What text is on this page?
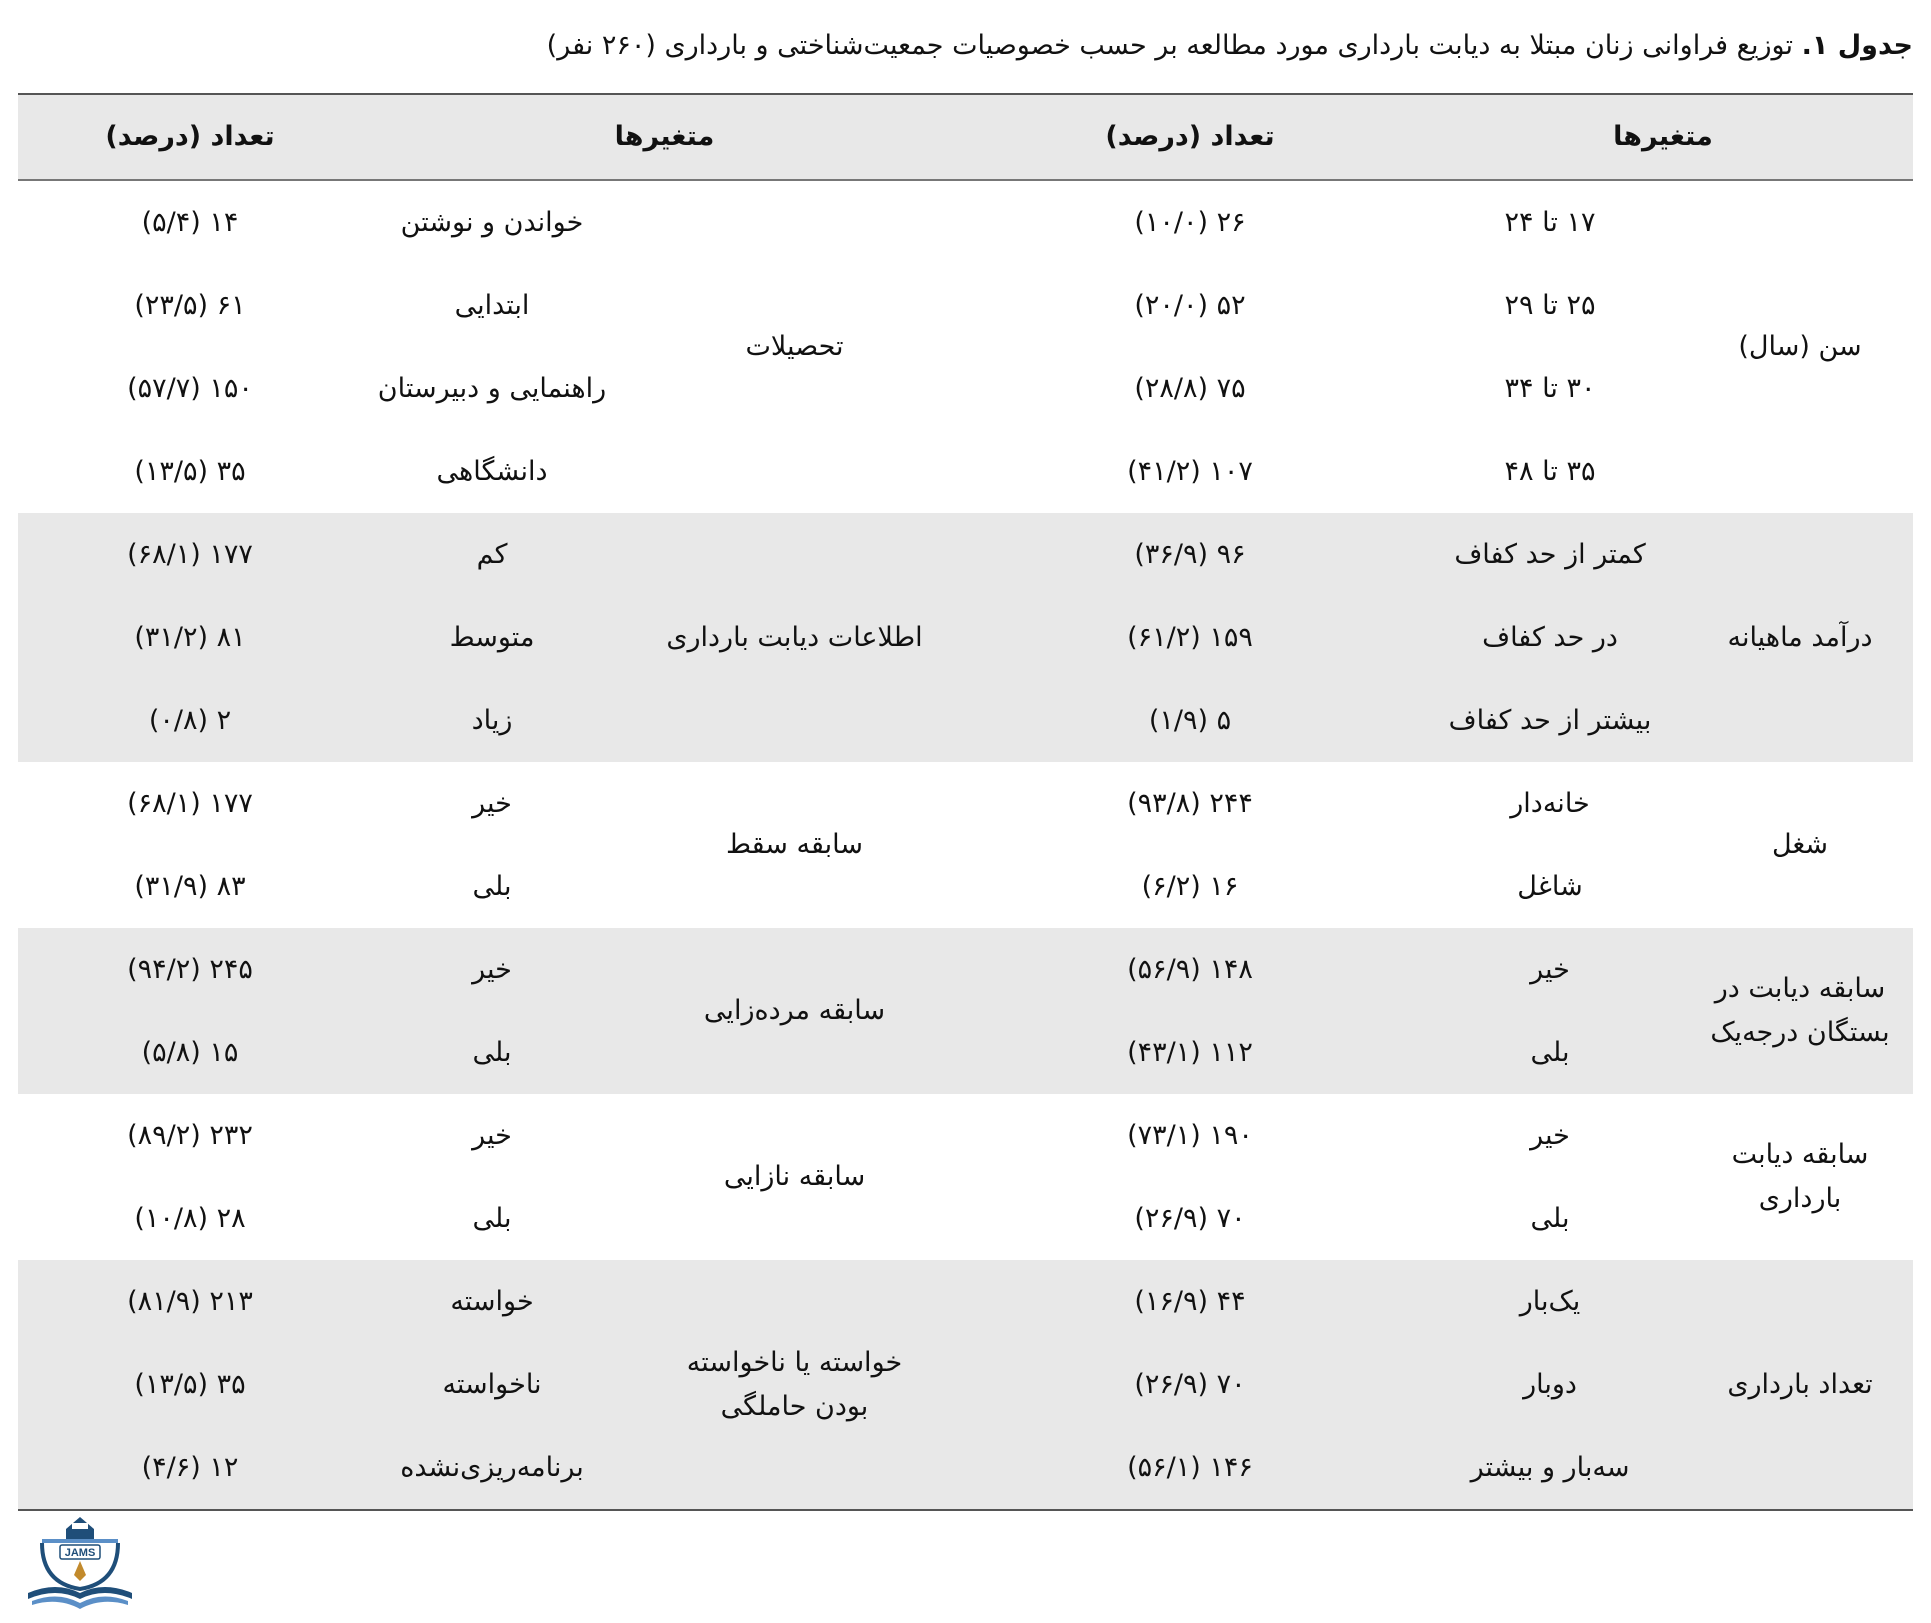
جدول ۱. توزیع فراوانی زنان مبتلا به دیابت بارداری مورد مطالعه بر حسب خصوصیات جمعیت‌شناختی و بارداری (۲۶۰ نفر)
متغیرها
تعداد (درصد)
متغیرها
تعداد (درصد)
سن (سال)
تحصیلات
۱۷ تا ۲۴
۲۶ (۱۰/۰)
۲۵ تا ۲۹
۵۲ (۲۰/۰)
۳۰ تا ۳۴
۷۵ (۲۸/۸)
۳۵ تا ۴۸
۱۰۷ (۴۱/۲)
خواندن و نوشتن
۱۴ (۵/۴)
ابتدایی
۶۱ (۲۳/۵)
راهنمایی و دبیرستان
۱۵۰ (۵۷/۷)
دانشگاهی
۳۵ (۱۳/۵)
درآمد ماهیانه
اطلاعات دیابت بارداری
کمتر از حد کفاف
۹۶ (۳۶/۹)
در حد کفاف
۱۵۹ (۶۱/۲)
بیشتر از حد کفاف
۵ (۱/۹)
کم
۱۷۷ (۶۸/۱)
متوسط
۸۱ (۳۱/۲)
زیاد
۲ (۰/۸)
شغل
سابقه سقط
خانه‌دار
۲۴۴ (۹۳/۸)
شاغل
۱۶ (۶/۲)
خیر
۱۷۷ (۶۸/۱)
بلی
۸۳ (۳۱/۹)
سابقه دیابت در بستگان درجه‌یک
سابقه مرده‌زایی
خیر
۱۴۸ (۵۶/۹)
بلی
۱۱۲ (۴۳/۱)
خیر
۲۴۵ (۹۴/۲)
بلی
۱۵ (۵/۸)
سابقه دیابت بارداری
سابقه نازایی
خیر
۱۹۰ (۷۳/۱)
بلی
۷۰ (۲۶/۹)
خیر
۲۳۲ (۸۹/۲)
بلی
۲۸ (۱۰/۸)
تعداد بارداری
خواسته یا ناخواسته بودن حاملگی
یک‌بار
۴۴ (۱۶/۹)
دوبار
۷۰ (۲۶/۹)
سه‌بار و بیشتر
۱۴۶ (۵۶/۱)
خواسته
۲۱۳ (۸۱/۹)
ناخواسته
۳۵ (۱۳/۵)
برنامه‌ریزی‌نشده
۱۲ (۴/۶)
JAMS
